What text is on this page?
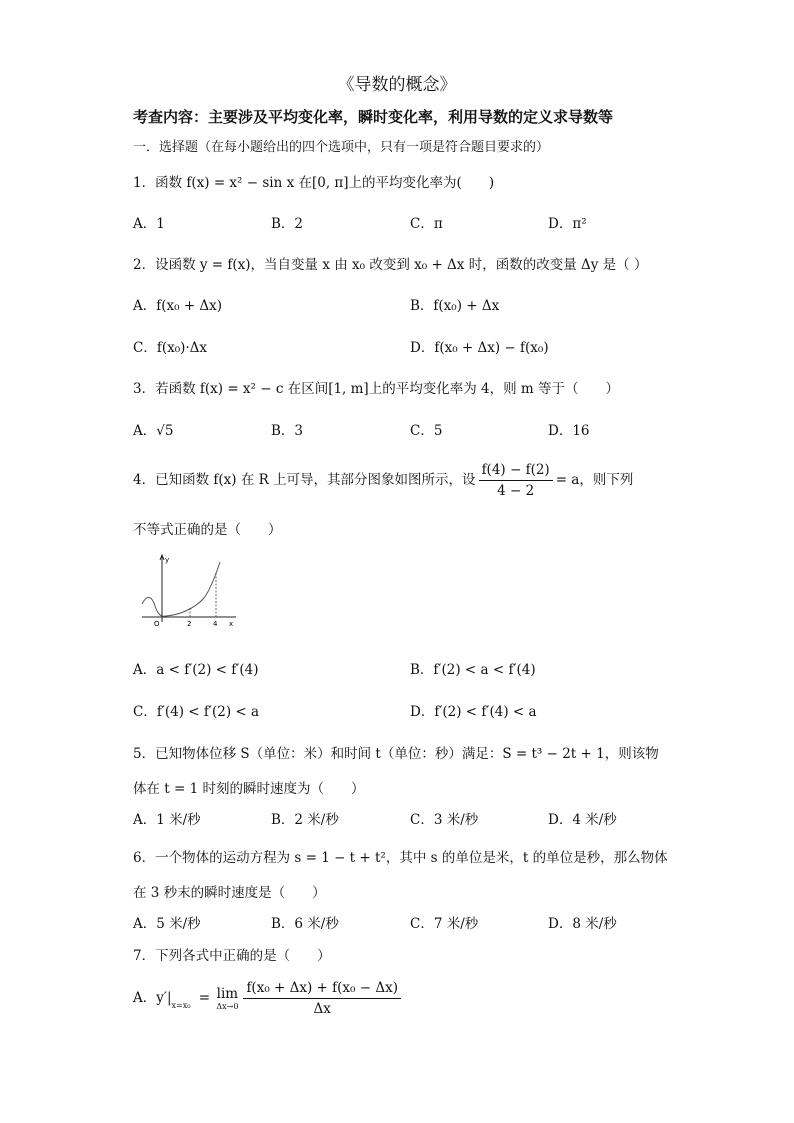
《导数的概念》
考查内容：主要涉及平均变化率，瞬时变化率，利用导数的定义求导数等
一．选择题（在每小题给出的四个选项中，只有一项是符合题目要求的）
1．函数 f(x) = x² − sin x 在[0, π]上的平均变化率为(　　)
A．1	B．2	C．π	D．π²
2．设函数 y = f(x)，当自变量 x 由 x₀ 改变到 x₀ + Δx 时，函数的改变量 Δy 是（ ）
A．f(x₀ + Δx)	B．f(x₀) + Δx
C．f(x₀)·Δx	D．f(x₀ + Δx) − f(x₀)
3．若函数 f(x) = x² − c 在区间[1, m]上的平均变化率为 4，则 m 等于（　　）
A．√5	B．3	C．5	D．16
4．已知函数 f(x) 在 R 上可导，其部分图象如图所示，设 $\frac{f(4) - f(2)}{4 - 2} = a$，则下列
不等式正确的是（　　）
y
O	2	4 x
A．a < f′(2) < f′(4)	B．f′(2) < a < f′(4)
C．f′(4) < f′(2) < a	D．f′(2) < f′(4) < a
5．已知物体位移 S（单位：米）和时间 t（单位：秒）满足：S = t³ − 2t + 1，则该物
体在 t = 1 时刻的瞬时速度为（　　）
A．1 米/秒	B．2 米/秒	C．3 米/秒	D．4 米/秒
6．一个物体的运动方程为 s = 1 − t + t²，其中 s 的单位是米，t 的单位是秒，那么物体
在 3 秒末的瞬时速度是（　　）
A．5 米/秒	B．6 米/秒	C．7 米/秒	D．8 米/秒
7．下列各式中正确的是（　　）
A．$y'|_{x=x_0} = \lim$
$\Delta x\to 0 \frac{\text{f(x₀ + Δx) + f(x₀ − Δx)}}{\Delta x}$
